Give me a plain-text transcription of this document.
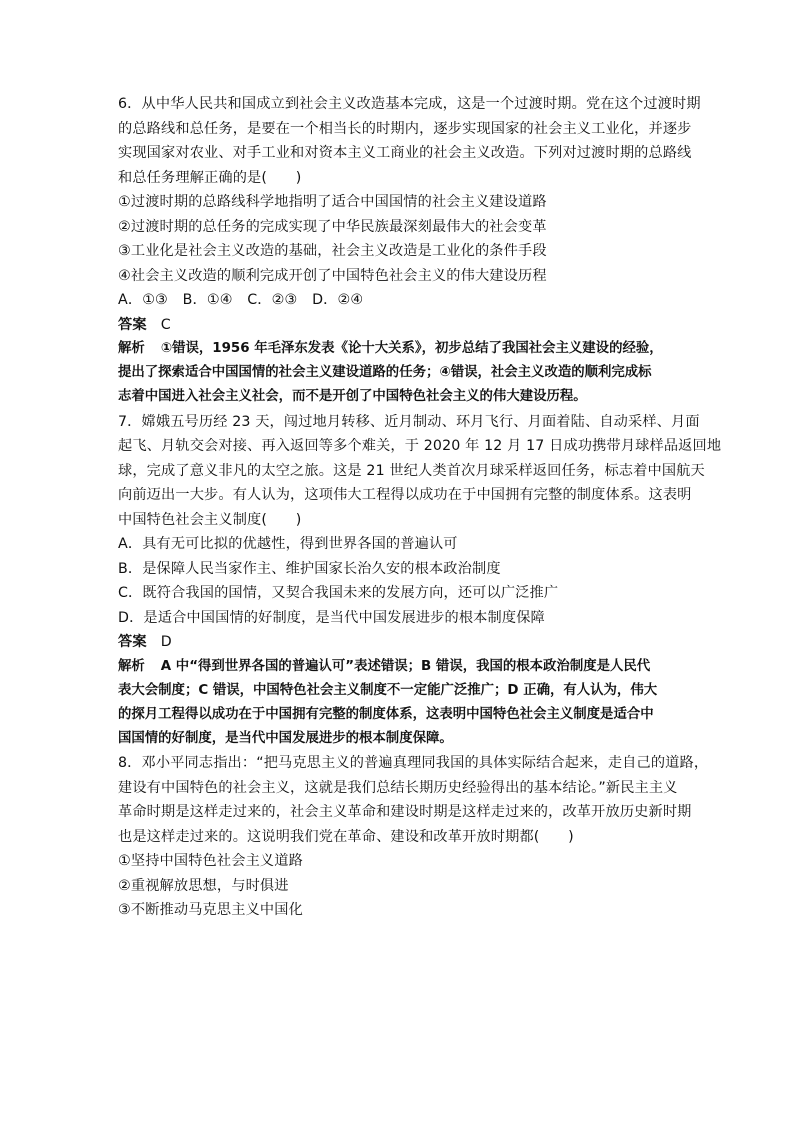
6．从中华人民共和国成立到社会主义改造基本完成，这是一个过渡时期。党在这个过渡时期
的总路线和总任务，是要在一个相当长的时期内，逐步实现国家的社会主义工业化，并逐步
实现国家对农业、对手工业和对资本主义工商业的社会主义改造。下列对过渡时期的总路线
和总任务理解正确的是(　　)
①过渡时期的总路线科学地指明了适合中国国情的社会主义建设道路
②过渡时期的总任务的完成实现了中华民族最深刻最伟大的社会变革
③工业化是社会主义改造的基础，社会主义改造是工业化的条件手段
④社会主义改造的顺利完成开创了中国特色社会主义的伟大建设历程
A．①③ B．①④ C．②③ D．②④
答案 C
解析 ①错误，1956 年毛泽东发表《论十大关系》，初步总结了我国社会主义建设的经验，
提出了探索适合中国国情的社会主义建设道路的任务；④错误，社会主义改造的顺利完成标
志着中国进入社会主义社会，而不是开创了中国特色社会主义的伟大建设历程。
7．嫦娥五号历经 23 天，闯过地月转移、近月制动、环月飞行、月面着陆、自动采样、月面
起飞、月轨交会对接、再入返回等多个难关，于 2020 年 12 月 17 日成功携带月球样品返回地
球，完成了意义非凡的太空之旅。这是 21 世纪人类首次月球采样返回任务，标志着中国航天
向前迈出一大步。有人认为，这项伟大工程得以成功在于中国拥有完整的制度体系。这表明
中国特色社会主义制度(　　)
A．具有无可比拟的优越性，得到世界各国的普遍认可
B．是保障人民当家作主、维护国家长治久安的根本政治制度
C．既符合我国的国情，又契合我国未来的发展方向，还可以广泛推广
D．是适合中国国情的好制度，是当代中国发展进步的根本制度保障
答案 D
解析 A 中“得到世界各国的普遍认可”表述错误；B 错误，我国的根本政治制度是人民代
表大会制度；C 错误，中国特色社会主义制度不一定能广泛推广；D 正确，有人认为，伟大
的探月工程得以成功在于中国拥有完整的制度体系，这表明中国特色社会主义制度是适合中
国国情的好制度，是当代中国发展进步的根本制度保障。
8．邓小平同志指出：“把马克思主义的普遍真理同我国的具体实际结合起来，走自己的道路，
建设有中国特色的社会主义，这就是我们总结长期历史经验得出的基本结论。”新民主主义
革命时期是这样走过来的，社会主义革命和建设时期是这样走过来的，改革开放历史新时期
也是这样走过来的。这说明我们党在革命、建设和改革开放时期都(　　)
①坚持中国特色社会主义道路
②重视解放思想，与时俱进
③不断推动马克思主义中国化
